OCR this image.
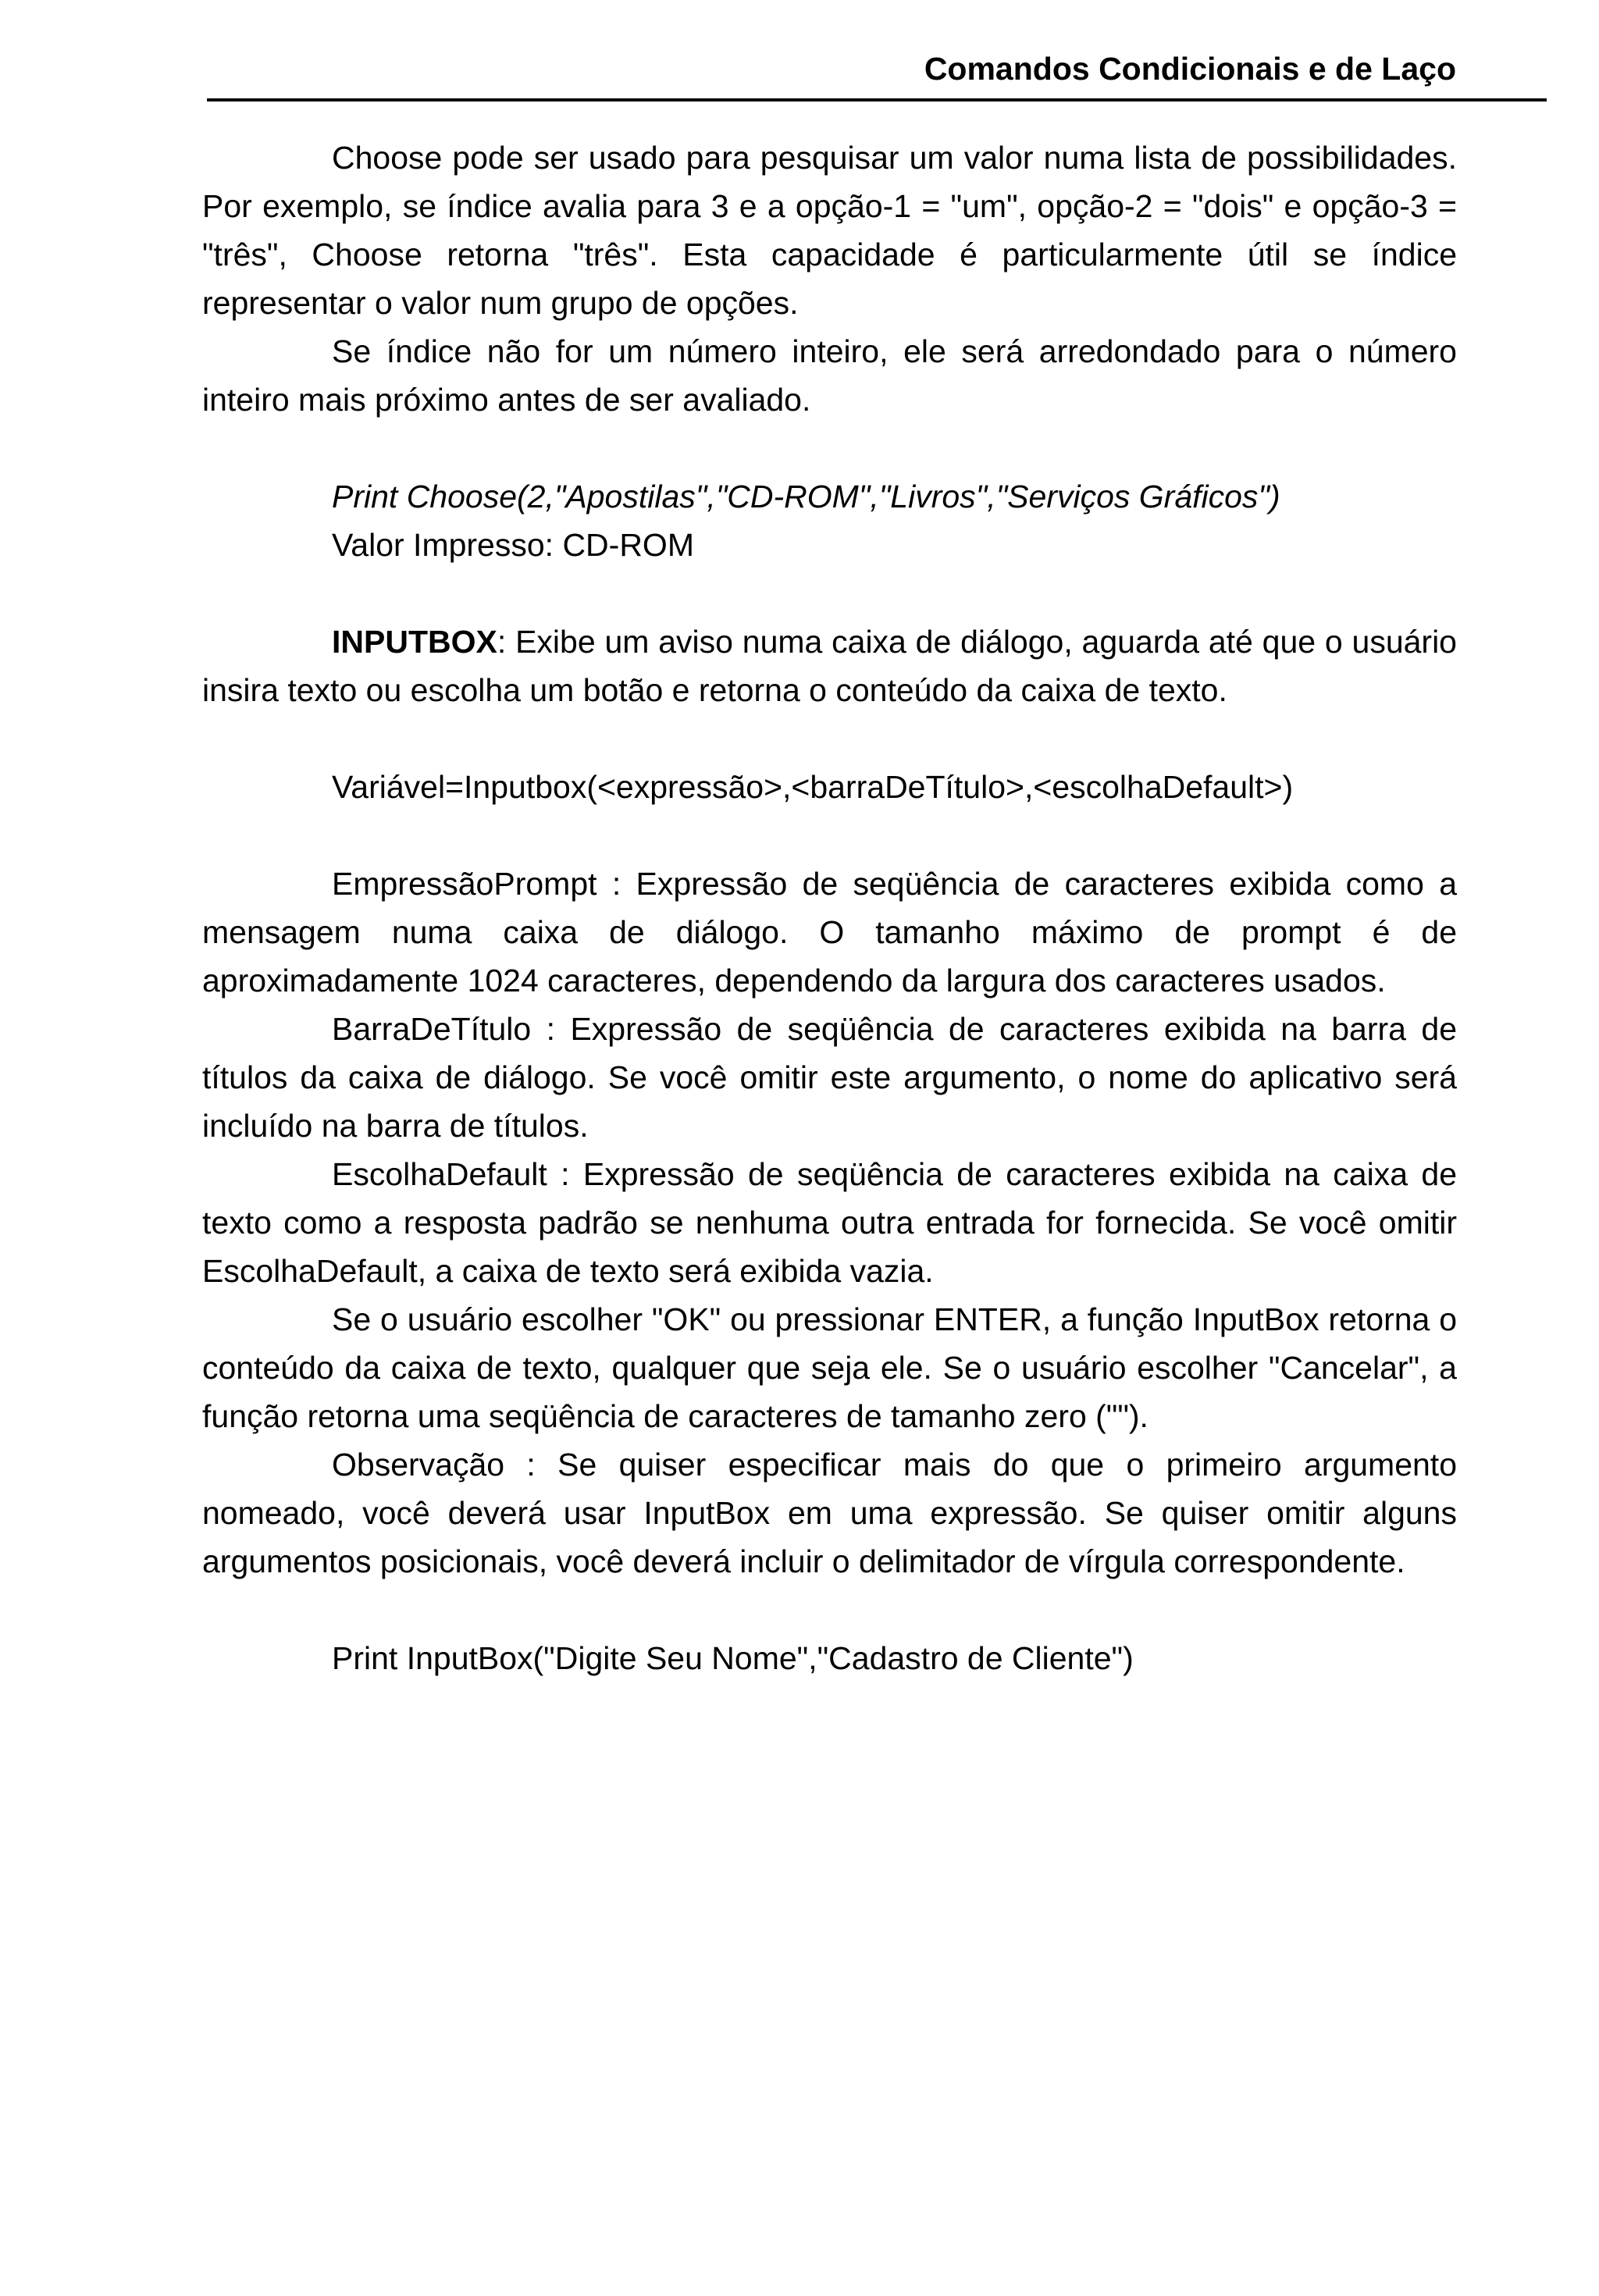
Comandos Condicionais e de Laço

Choose pode ser usado para pesquisar um valor numa lista de possibilidades. Por exemplo, se índice avalia para 3 e a opção-1 = "um", opção-2 = "dois" e opção-3 = "três", Choose retorna "três". Esta capacidade é particularmente útil se índice representar o valor num grupo de opções.

Se índice não for um número inteiro, ele será arredondado para o número inteiro mais próximo antes de ser avaliado.

Print Choose(2,"Apostilas","CD-ROM","Livros","Serviços Gráficos")

Valor Impresso: CD-ROM

INPUTBOX: Exibe um aviso numa caixa de diálogo, aguarda até que o usuário insira texto ou escolha um botão e retorna o conteúdo da caixa de texto.

Variável=Inputbox(<expressão>,<barraDeTítulo>,<escolhaDefault>)

EmpressãoPrompt : Expressão de seqüência de caracteres exibida como a mensagem numa caixa de diálogo. O tamanho máximo de prompt é de aproximadamente 1024 caracteres, dependendo da largura dos caracteres usados.

BarraDeTítulo : Expressão de seqüência de caracteres exibida na barra de títulos da caixa de diálogo. Se você omitir este argumento, o nome do aplicativo será incluído na barra de títulos.

EscolhaDefault : Expressão de seqüência de caracteres exibida na caixa de texto como a resposta padrão se nenhuma outra entrada for fornecida. Se você omitir EscolhaDefault, a caixa de texto será exibida vazia.

Se o usuário escolher "OK" ou pressionar ENTER, a função InputBox retorna o conteúdo da caixa de texto, qualquer que seja ele. Se o usuário escolher "Cancelar", a função retorna uma seqüência de caracteres de tamanho zero ("").

Observação : Se quiser especificar mais do que o primeiro argumento nomeado, você deverá usar InputBox em uma expressão. Se quiser omitir alguns argumentos posicionais, você deverá incluir o delimitador de vírgula correspondente.

Print InputBox("Digite Seu Nome","Cadastro de Cliente")
